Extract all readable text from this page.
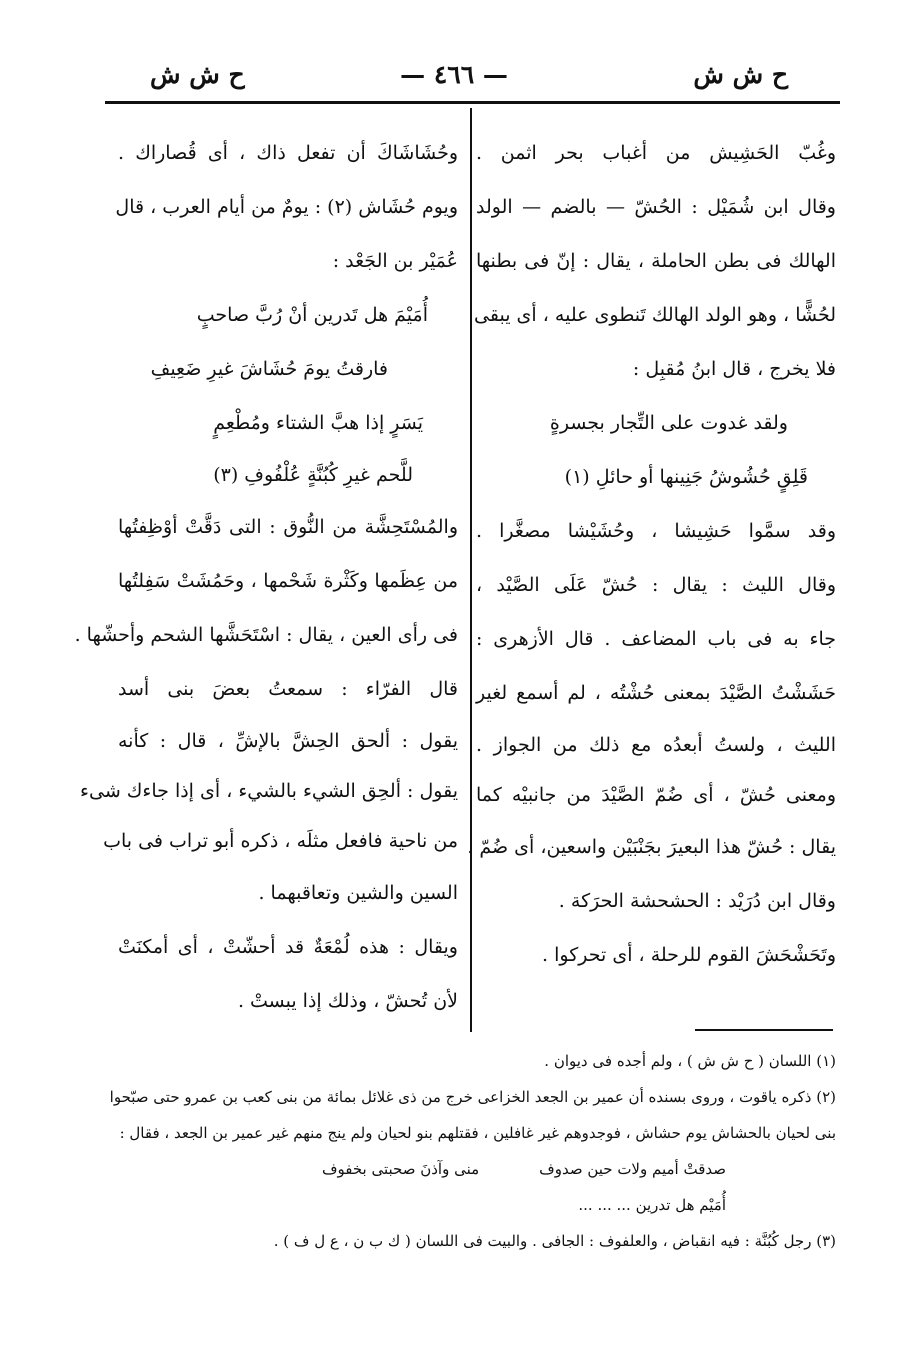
ح ش ش
— ٤٦٦ —
ح ش ش
وغُبّ الحَشِيش من أغباب بحر اثمن .
وقال ابن شُمَيْل : الحُشّ — بالضم — الولد
الهالك فى بطن الحاملة ، يقال : إنّ فى بطنها
لحُشًّا ، وهو الولد الهالك تَنطوى عليه ، أى يبقى
فلا يخرج ، قال ابنُ مُقبِل :
ولقد غدوت على التِّجار بجسرةٍ
قَلِقٍ حُشُوشُ جَنِينها أو حائلِ (١)
وقد سمَّوا حَشِيشا ، وحُشَيْشا مصغَّرا .
وقال الليث : يقال : حُشّ عَلَى الصَّيْد ،
جاء به فى باب المضاعف . قال الأزهرى :
حَشَشْتُ الصَّيْدَ بمعنى حُشْتُه ، لم أسمع لغير
الليث ، ولستُ أبعدُه مع ذلك من الجواز .
ومعنى حُشّ ، أى ضُمّ الصَّيْدَ من جانبيْه كما
يقال : حُشّ هذا البعيرَ بجَنْبَيْن واسعين، أى ضُمّ .
وقال ابن دُرَيْد : الحشحشة الحرَكة .
وتَحَشْحَشَ القوم للرحلة ، أى تحركوا .
وحُشَاشَاكَ أن تفعل ذاك ، أى قُصاراك .
ويوم حُشَاش (٢) : يومٌ من أيام العرب ، قال
عُمَيْر بن الجَعْد :
أُمَيْمَ هل تَدرين أنْ رُبَّ صاحبٍ
فارقتُ يومَ حُشَاشَ غيرِ ضَعِيفِ
يَسَرٍ إذا هبَّ الشتاء ومُطْعِمٍ
للَّحم غيرِ كُبُنَّةٍ عُلْفُوفِ (٣)
والمُسْتَحِشَّة من النُّوق : التى دَقَّتْ أوْظِفتُها
من عِظَمها وكَثْرة شَحْمها ، وحَمُشَتْ سَفِلتُها
فى رأى العين ، يقال : اسْتَحَشَّها الشحم وأحشّها .
قال الفرّاء : سمعتُ بعضَ بنى أسد
يقول : ألحق الحِشَّ بالإشِّ ، قال : كأنه
يقول : ألحِق الشيء بالشيء ، أى إذا جاءك شىء
من ناحية فافعل مثلَه ، ذكره أبو تراب فى باب
السين والشين وتعاقبهما .
ويقال : هذه لُمْعَةٌ قد أحشّتْ ، أى أمكنَتْ
لأن تُحشّ ، وذلك إذا يبستْ .
(١) اللسان ( ح ش ش ) ، ولم أجده فى ديوان .
(٢) ذكره ياقوت ، وروى بسنده أن عمير بن الجعد الخزاعى خرج من ذى غلائل بمائة من بنى كعب بن عمرو حتى صبّحوا
بنى لحيان بالحشاش يوم حشاش ، فوجدوهم غير غافلين ، فقتلهم بنو لحيان ولم ينج منهم غير عمير بن الجعد ، فقال :
صدقتْ أميم ولات حين صدوف
منى وآذنَ صحبتى بخفوف
أُمَيْم هل تدرين ... ... ...
(٣) رجل كُبُنَّة : فيه انقباض ، والعلفوف : الجافى . والبيت فى اللسان ( ك ب ن ، ع ل ف ) .
